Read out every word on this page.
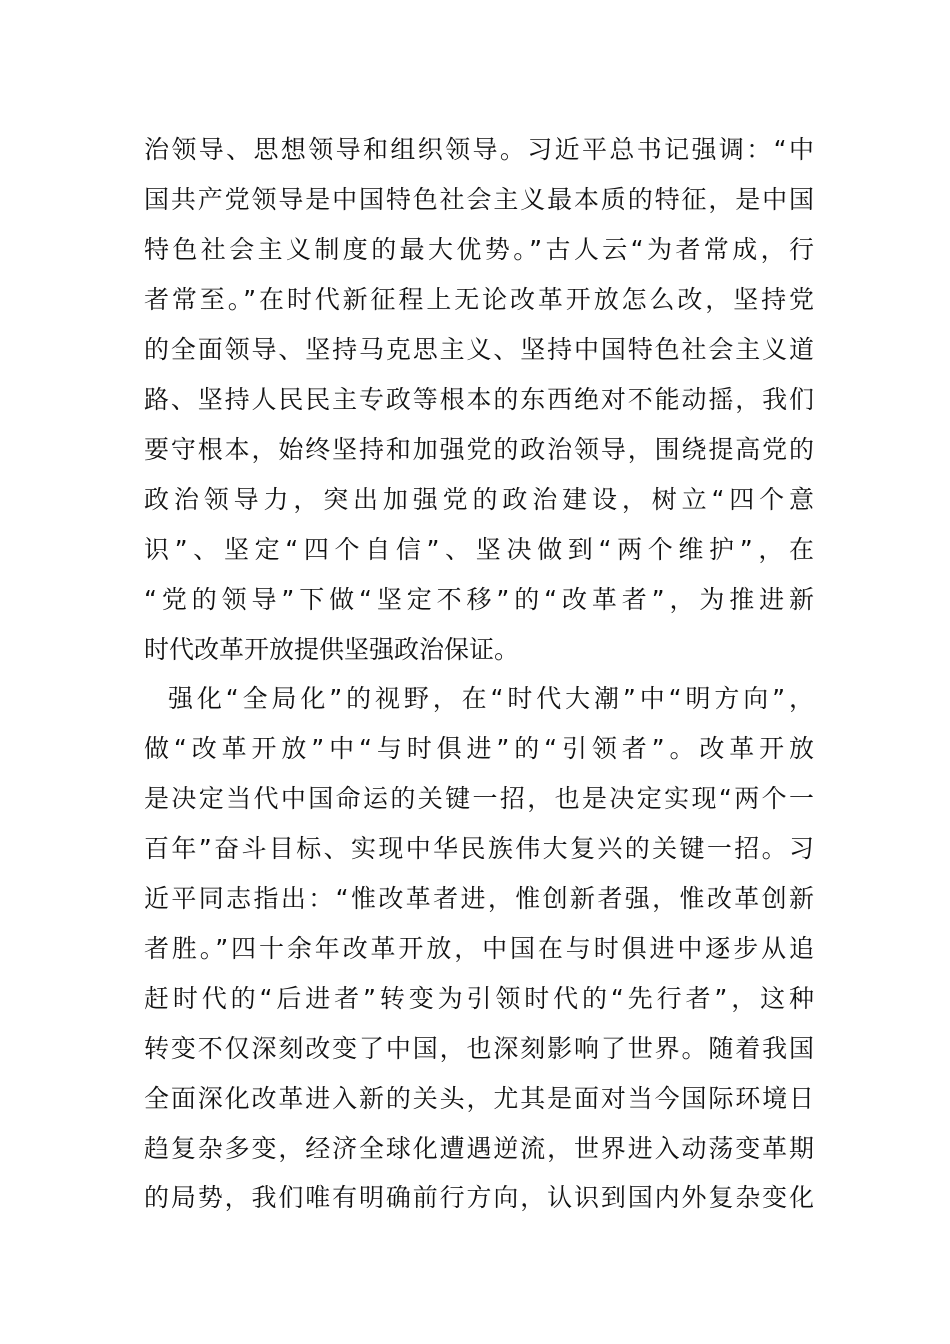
治领导、思想领导和组织领导。习近平总书记强调：“中
国共产党领导是中国特色社会主义最本质的特征，是中国
特色社会主义制度的最大优势。”古人云“为者常成，行
者常至。”在时代新征程上无论改革开放怎么改，坚持党
的全面领导、坚持马克思主义、坚持中国特色社会主义道
路、坚持人民民主专政等根本的东西绝对不能动摇，我们
要守根本，始终坚持和加强党的政治领导，围绕提高党的
政治领导力，突出加强党的政治建设，树立“四个意
识”、坚定“四个自信”、坚决做到“两个维护”，在
“党的领导”下做“坚定不移”的“改革者”，为推进新
时代改革开放提供坚强政治保证。
强化“全局化”的视野，在“时代大潮”中“明方向”，
做“改革开放”中“与时俱进”的“引领者”。改革开放
是决定当代中国命运的关键一招，也是决定实现“两个一
百年”奋斗目标、实现中华民族伟大复兴的关键一招。习
近平同志指出：“惟改革者进，惟创新者强，惟改革创新
者胜。”四十余年改革开放，中国在与时俱进中逐步从追
赶时代的“后进者”转变为引领时代的“先行者”，这种
转变不仅深刻改变了中国，也深刻影响了世界。随着我国
全面深化改革进入新的关头，尤其是面对当今国际环境日
趋复杂多变，经济全球化遭遇逆流，世界进入动荡变革期
的局势，我们唯有明确前行方向，认识到国内外复杂变化
